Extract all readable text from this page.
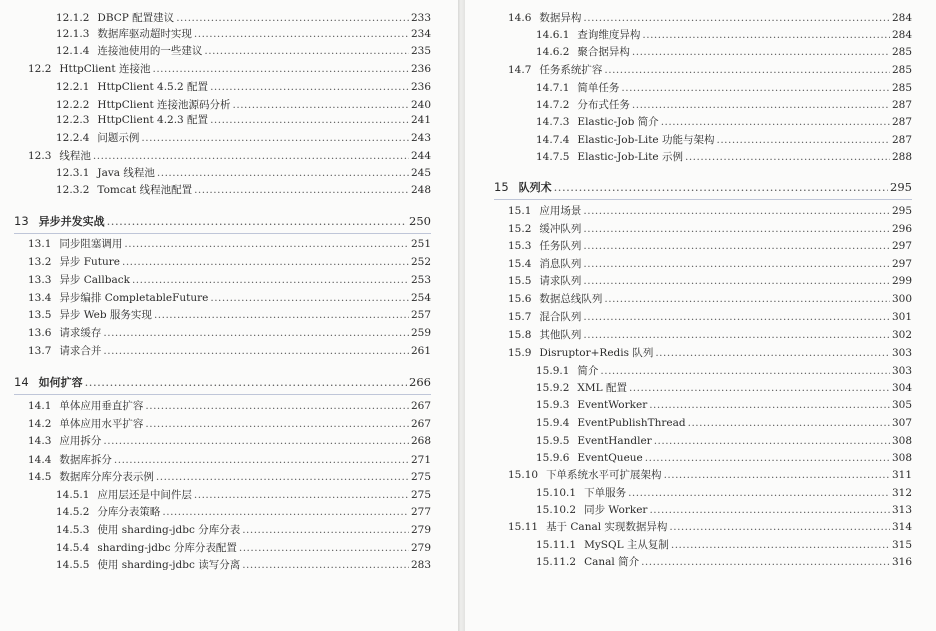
12.1.2 DBCP 配置建议 .....	233
12.1.3 数据库驱动超时实现 .....	234
12.1.4 连接池使用的一些建议 .....	235
12.2 HttpClient 连接池 .....	236
12.2.1 HttpClient 4.5.2 配置 .....	236
12.2.2 HttpClient 连接池源码分析 .....	240
12.2.3 HttpClient 4.2.3 配置 .....	241
12.2.4 问题示例 .....	243
12.3 线程池 .....	244
12.3.1 Java 线程池 .....	245
12.3.2 Tomcat 线程池配置 .....	248
13 异步并发实战 .....	250
13.1 同步阻塞调用 .....	251
13.2 异步 Future .....	252
13.3 异步 Callback .....	253
13.4 异步编排 CompletableFuture .....	254
13.5 异步 Web 服务实现 .....	257
13.6 请求缓存 .....	259
13.7 请求合并 .....	261
14 如何扩容 .....	266
14.1 单体应用垂直扩容 .....	267
14.2 单体应用水平扩容 .....	267
14.3 应用拆分 .....	268
14.4 数据库拆分 .....	271
14.5 数据库分库分表示例 .....	275
14.5.1 应用层还是中间件层 .....	275
14.5.2 分库分表策略 .....	277
14.5.3 使用 sharding-jdbc 分库分表 .....	279
14.5.4 sharding-jdbc 分库分表配置 .....	279
14.5.5 使用 sharding-jdbc 读写分离 .....	283
14.6 数据异构 .....	284
14.6.1 查询维度异构 .....	284
14.6.2 聚合据异构 .....	285
14.7 任务系统扩容 .....	285
14.7.1 简单任务 .....	285
14.7.2 分布式任务 .....	287
14.7.3 Elastic-Job 简介 .....	287
14.7.4 Elastic-Job-Lite 功能与架构 .....	287
14.7.5 Elastic-Job-Lite 示例 .....	288
15 队列术 .....	295
15.1 应用场景 .....	295
15.2 缓冲队列 .....	296
15.3 任务队列 .....	297
15.4 消息队列 .....	297
15.5 请求队列 .....	299
15.6 数据总线队列 .....	300
15.7 混合队列 .....	301
15.8 其他队列 .....	302
15.9 Disruptor+Redis 队列 .....	303
15.9.1 简介 .....	303
15.9.2 XML 配置 .....	304
15.9.3 EventWorker .....	305
15.9.4 EventPublishThread .....	307
15.9.5 EventHandler .....	308
15.9.6 EventQueue .....	308
15.10 下单系统水平可扩展架构 .....	311
15.10.1 下单服务 .....	312
15.10.2 同步 Worker .....	313
15.11 基于 Canal 实现数据异构 .....	314
15.11.1 MySQL 主从复制 .....	315
15.11.2 Canal 简介 .....	316
